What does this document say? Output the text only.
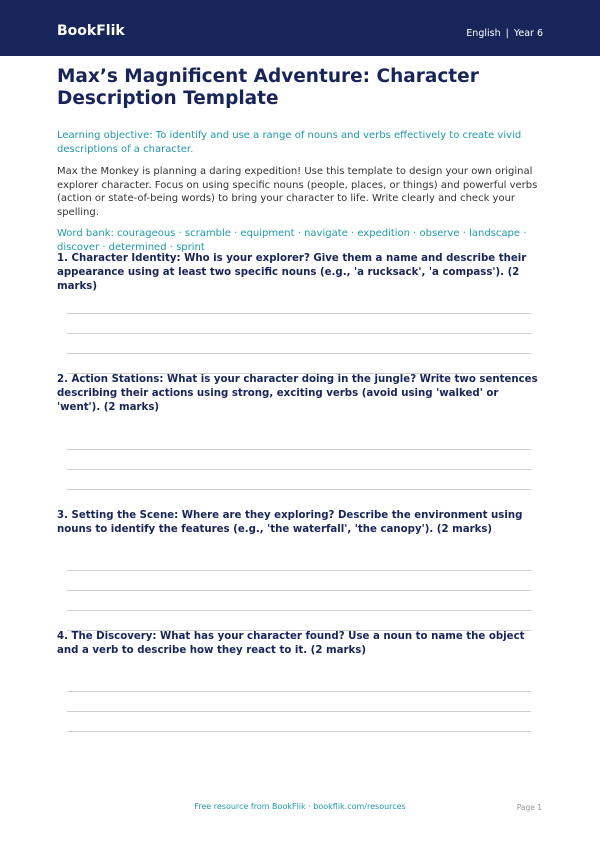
BookFlik	English | Year 6
Max’s Magnificent Adventure: Character Description Template

Learning objective: To identify and use a range of nouns and verbs effectively to create vivid descriptions of a character.

Max the Monkey is planning a daring expedition! Use this template to design your own original explorer character. Focus on using specific nouns (people, places, or things) and powerful verbs (action or state-of-being words) to bring your character to life. Write clearly and check your spelling.

Word bank: courageous · scramble · equipment · navigate · expedition · observe · landscape · discover · determined · sprint

1. Character Identity: Who is your explorer? Give them a name and describe their appearance using at least two specific nouns (e.g., 'a rucksack', 'a compass'). (2 marks)

2. Action Stations: What is your character doing in the jungle? Write two sentences describing their actions using strong, exciting verbs (avoid using 'walked' or 'went'). (2 marks)

3. Setting the Scene: Where are they exploring? Describe the environment using nouns to identify the features (e.g., 'the waterfall', 'the canopy'). (2 marks)

4. The Discovery: What has your character found? Use a noun to name the object and a verb to describe how they react to it. (2 marks)

Free resource from BookFlik · bookflik.com/resources	Page 1
